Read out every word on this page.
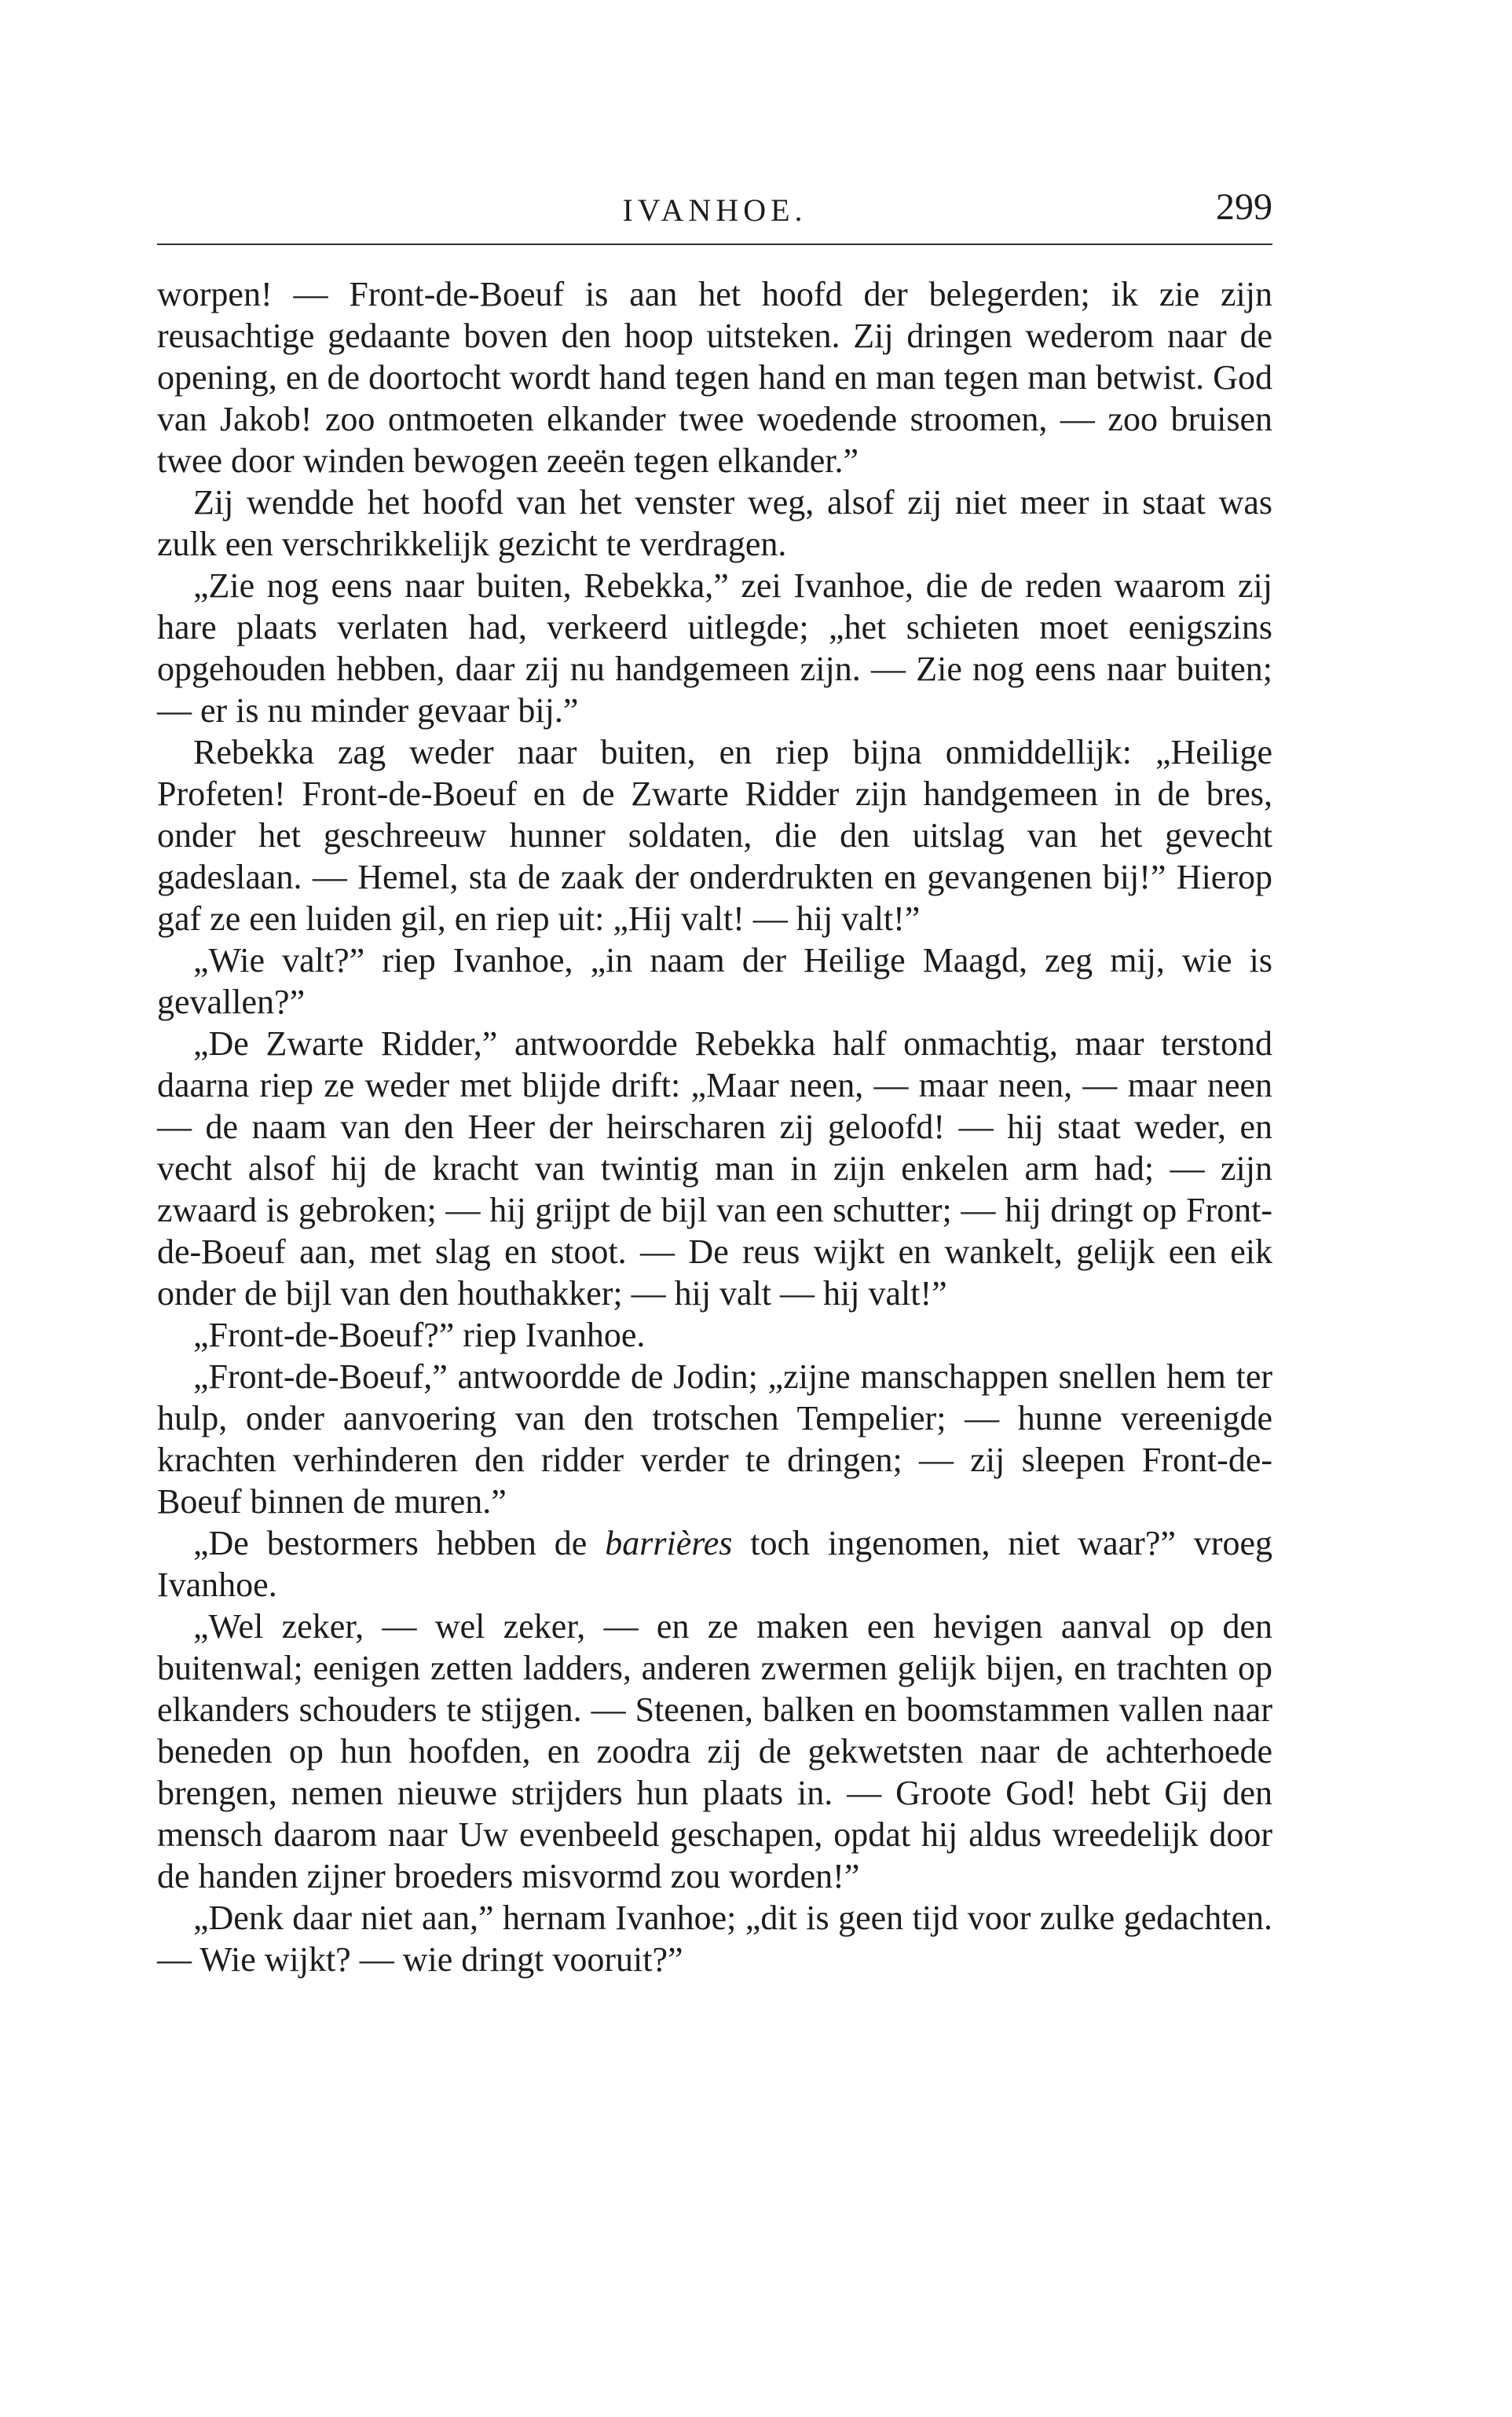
IVANHOE.	299

worpen! — Front-de-Boeuf is aan het hoofd der belegerden; ik zie zijn reusachtige gedaante boven den hoop uitsteken. Zij dringen wederom naar de opening, en de doortocht wordt hand tegen hand en man tegen man betwist. God van Jakob! zoo ontmoeten elkander twee woedende stroomen, — zoo bruisen twee door winden bewogen zeeën tegen elkander.”

Zij wendde het hoofd van het venster weg, alsof zij niet meer in staat was zulk een verschrikkelijk gezicht te verdragen.

„Zie nog eens naar buiten, Rebekka,” zei Ivanhoe, die de reden waarom zij hare plaats verlaten had, verkeerd uitlegde; „het schieten moet eenigszins opgehouden hebben, daar zij nu handgemeen zijn. — Zie nog eens naar buiten; — er is nu minder gevaar bij.”

Rebekka zag weder naar buiten, en riep bijna onmiddellijk: „Heilige Profeten! Front-de-Boeuf en de Zwarte Ridder zijn handgemeen in de bres, onder het geschreeuw hunner soldaten, die den uitslag van het gevecht gadeslaan. — Hemel, sta de zaak der onderdrukten en gevangenen bij!” Hierop gaf ze een luiden gil, en riep uit: „Hij valt! — hij valt!”

„Wie valt?” riep Ivanhoe, „in naam der Heilige Maagd, zeg mij, wie is gevallen?”

„De Zwarte Ridder,” antwoordde Rebekka half onmachtig, maar terstond daarna riep ze weder met blijde drift: „Maar neen, — maar neen, — maar neen — de naam van den Heer der heirscharen zij geloofd! — hij staat weder, en vecht alsof hij de kracht van twintig man in zijn enkelen arm had; — zijn zwaard is gebroken; — hij grijpt de bijl van een schutter; — hij dringt op Front-de-Boeuf aan, met slag en stoot. — De reus wijkt en wankelt, gelijk een eik onder de bijl van den houthakker; — hij valt — hij valt!”

„Front-de-Boeuf?” riep Ivanhoe.

„Front-de-Boeuf,” antwoordde de Jodin; „zijne manschappen snellen hem ter hulp, onder aanvoering van den trotschen Tempelier; — hunne vereenigde krachten verhinderen den ridder verder te dringen; — zij sleepen Front-de-Boeuf binnen de muren.”

„De bestormers hebben de barrières toch ingenomen, niet waar?” vroeg Ivanhoe.

„Wel zeker, — wel zeker, — en ze maken een hevigen aanval op den buitenwal; eenigen zetten ladders, anderen zwermen gelijk bijen, en trachten op elkanders schouders te stijgen. — Steenen, balken en boomstammen vallen naar beneden op hun hoofden, en zoodra zij de gekwetsten naar de achterhoede brengen, nemen nieuwe strijders hun plaats in. — Groote God! hebt Gij den mensch daarom naar Uw evenbeeld geschapen, opdat hij aldus wreedelijk door de handen zijner broeders misvormd zou worden!”

„Denk daar niet aan,” hernam Ivanhoe; „dit is geen tijd voor zulke gedachten. — Wie wijkt? — wie dringt vooruit?”
